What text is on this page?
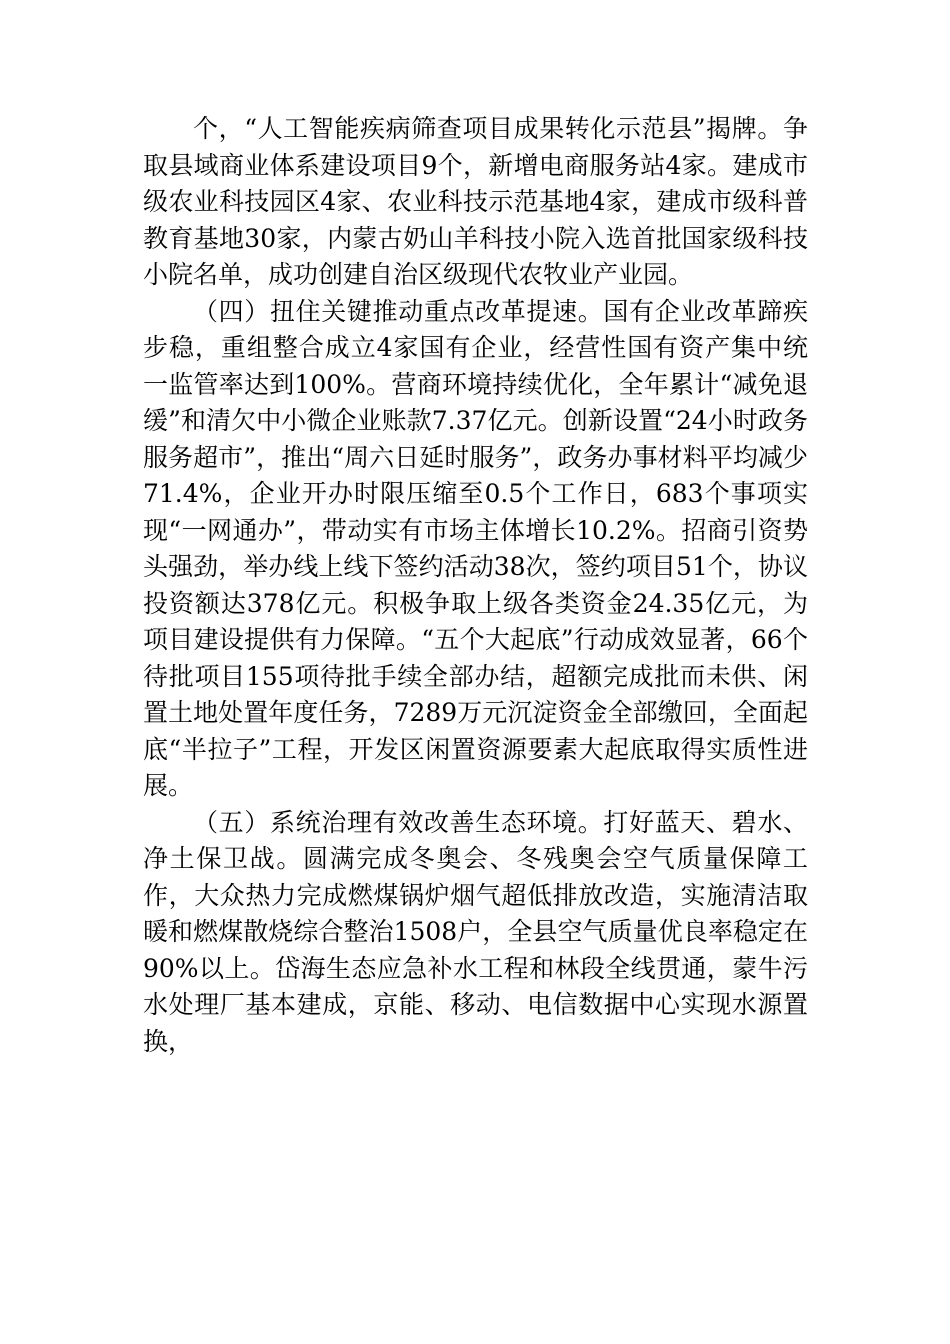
个，“人工智能疾病筛查项目成果转化示范县”揭牌。争取县域商业体系建设项目9个，新增电商服务站4家。建成市级农业科技园区4家、农业科技示范基地4家，建成市级科普教育基地30家，内蒙古奶山羊科技小院入选首批国家级科技小院名单，成功创建自治区级现代农牧业产业园。

（四）扭住关键推动重点改革提速。国有企业改革蹄疾步稳，重组整合成立4家国有企业，经营性国有资产集中统一监管率达到100%。营商环境持续优化，全年累计“减免退缓”和清欠中小微企业账款7.37亿元。创新设置“24小时政务服务超市”，推出“周六日延时服务”，政务办事材料平均减少71.4%，企业开办时限压缩至0.5个工作日，683个事项实现“一网通办”，带动实有市场主体增长10.2%。招商引资势头强劲，举办线上线下签约活动38次，签约项目51个，协议投资额达378亿元。积极争取上级各类资金24.35亿元，为项目建设提供有力保障。“五个大起底”行动成效显著，66个待批项目155项待批手续全部办结，超额完成批而未供、闲置土地处置年度任务，7289万元沉淀资金全部缴回，全面起底“半拉子”工程，开发区闲置资源要素大起底取得实质性进展。

（五）系统治理有效改善生态环境。打好蓝天、碧水、净土保卫战。圆满完成冬奥会、冬残奥会空气质量保障工作，大众热力完成燃煤锅炉烟气超低排放改造，实施清洁取暖和燃煤散烧综合整治1508户，全县空气质量优良率稳定在90%以上。岱海生态应急补水工程和林段全线贯通，蒙牛污水处理厂基本建成，京能、移动、电信数据中心实现水源置换，
